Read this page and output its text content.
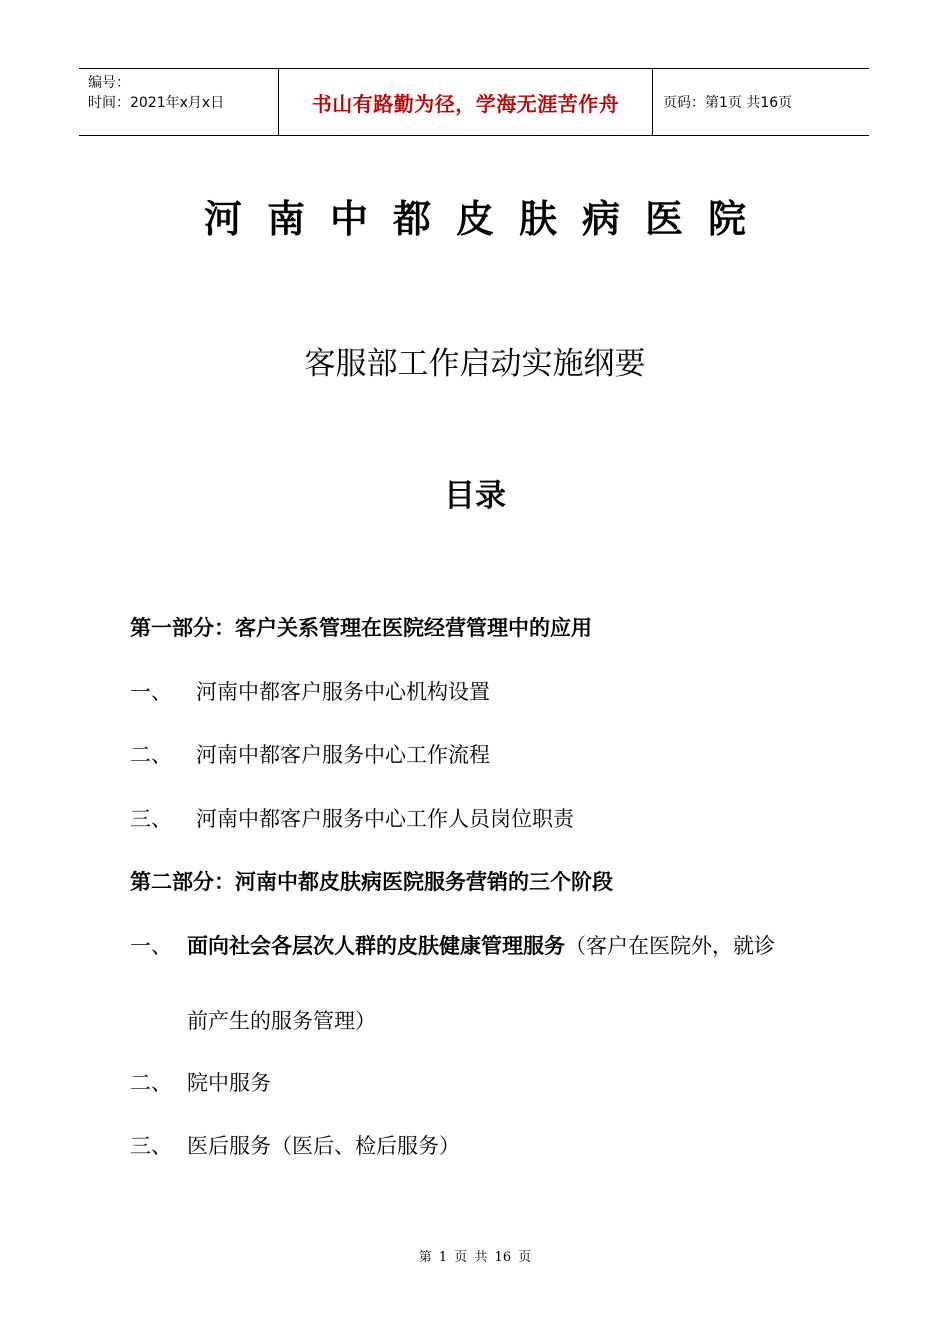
编号：
时间：2021年x月x日	书山有路勤为径，学海无涯苦作舟	页码：第1页 共16页
河南中都皮肤病医院
客服部工作启动实施纲要
目录
第一部分：客户关系管理在医院经营管理中的应用
一、 河南中都客户服务中心机构设置
二、 河南中都客户服务中心工作流程
三、 河南中都客户服务中心工作人员岗位职责
第二部分：河南中都皮肤病医院服务营销的三个阶段
一、 面向社会各层次人群的皮肤健康管理服务（客户在医院外，就诊
前产生的服务管理）
二、 院中服务
三、 医后服务（医后、检后服务）
第 1 页 共 16 页
